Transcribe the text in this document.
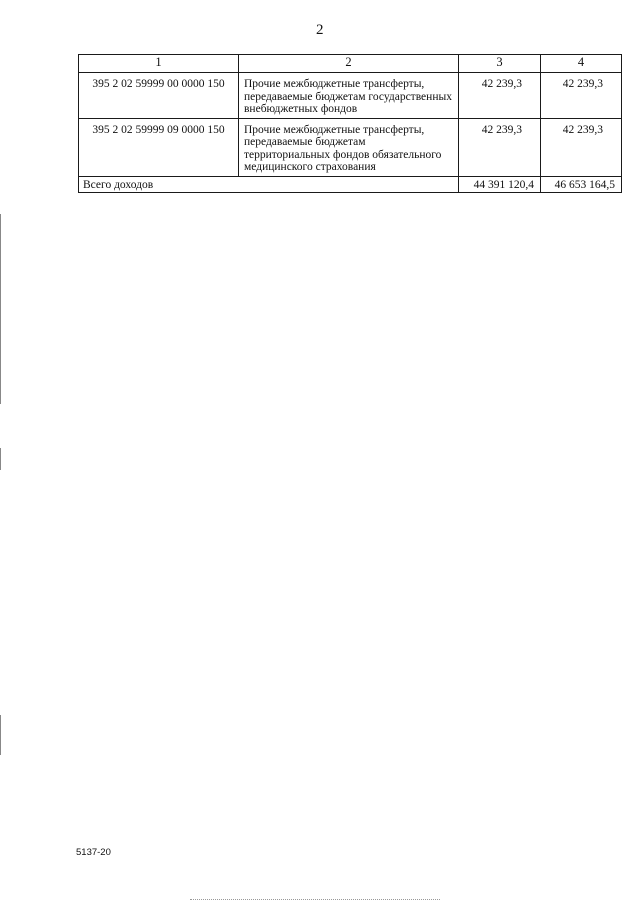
2
1	2	3	4
395 2 02 59999 00 0000 150	Прочие межбюджетные трансферты, передаваемые бюджетам государственных внебюджетных фондов	42 239,3	42 239,3
395 2 02 59999 09 0000 150	Прочие межбюджетные трансферты, передаваемые бюджетам территориальных фондов обязательного медицинского страхования	42 239,3	42 239,3
Всего доходов		44 391 120,4	46 653 164,5
5137-20
